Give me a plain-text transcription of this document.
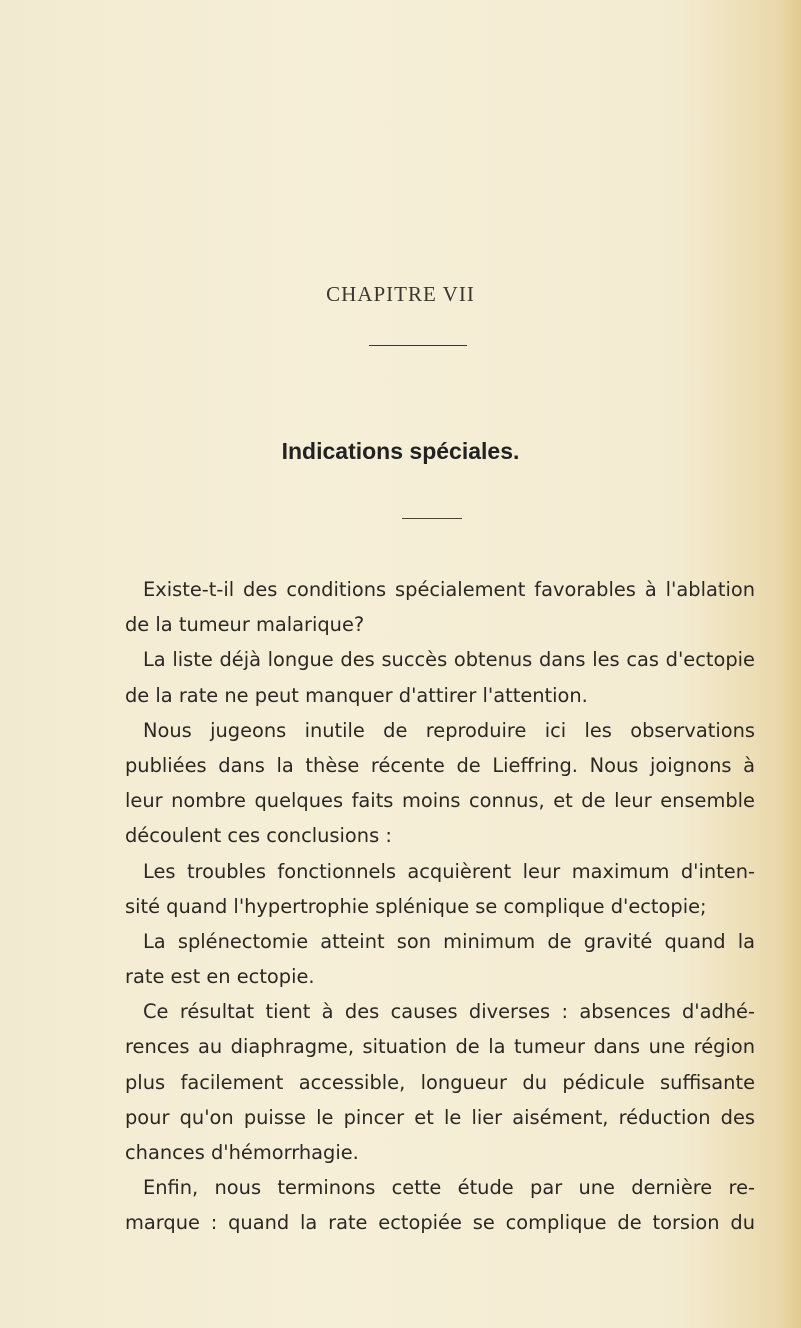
CHAPITRE VII
Indications spéciales.
Existe-t-il des conditions spécialement favorables à l'ablation
de la tumeur malarique?
La liste déjà longue des succès obtenus dans les cas d'ectopie
de la rate ne peut manquer d'attirer l'attention.
Nous jugeons inutile de reproduire ici les observations
publiées dans la thèse récente de Lieffring. Nous joignons à
leur nombre quelques faits moins connus, et de leur ensemble
découlent ces conclusions :
Les troubles fonctionnels acquièrent leur maximum d'inten-
sité quand l'hypertrophie splénique se complique d'ectopie;
La splénectomie atteint son minimum de gravité quand la
rate est en ectopie.
Ce résultat tient à des causes diverses : absences d'adhé-
rences au diaphragme, situation de la tumeur dans une région
plus facilement accessible, longueur du pédicule suffisante
pour qu'on puisse le pincer et le lier aisément, réduction des
chances d'hémorrhagie.
Enfin, nous terminons cette étude par une dernière re-
marque : quand la rate ectopiée se complique de torsion du
